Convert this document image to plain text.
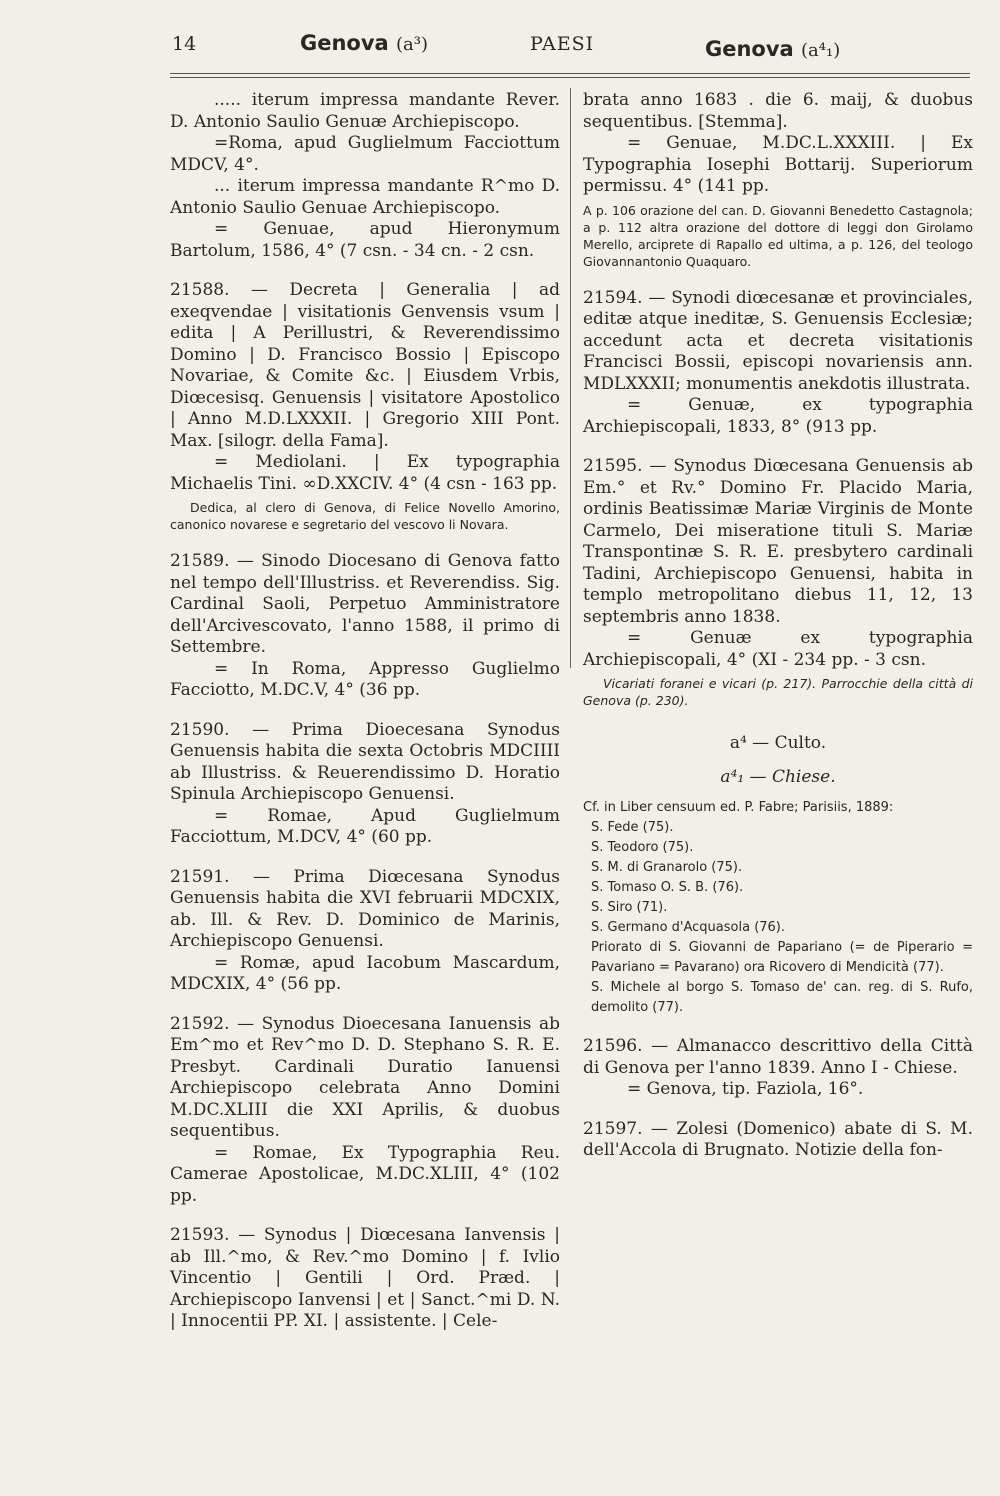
14	Genova (a³)	PAESI	Genova (a⁴₁)

..... iterum impressa mandante Rever. D. Antonio Saulio Genuæ Archiepiscopo.

=Roma, apud Guglielmum Facciottum MDCV, 4°.

... iterum impressa mandante R^mo D. Antonio Saulio Genuae Archiepiscopo.

= Genuae, apud Hieronymum Bartolum, 1586, 4° (7 csn. - 34 cn. - 2 csn.

21588. — Decreta | Generalia | ad exeqvendae | visitationis Genvensis vsum | edita | A Perillustri, & Reverendissimo Domino | D. Francisco Bossio | Episcopo Novariae, & Comite &c. | Eiusdem Vrbis, Diœcesisq. Genuensis | visitatore Apostolico | Anno M.D.LXXXII. | Gregorio XIII Pont. Max. [silogr. della Fama].

= Mediolani. | Ex typographia Michaelis Tini. ∞D.XXCIV. 4° (4 csn - 163 pp.

Dedica, al clero di Genova, di Felice Novello Amorino, canonico novarese e segretario del vescovo li Novara.

21589. — Sinodo Diocesano di Genova fatto nel tempo dell'Illustriss. et Reverendiss. Sig. Cardinal Saoli, Perpetuo Amministratore dell'Arcivescovato, l'anno 1588, il primo di Settembre.

= In Roma, Appresso Guglielmo Facciotto, M.DC.V, 4° (36 pp.

21590. — Prima Dioecesana Synodus Genuensis habita die sexta Octobris MDCIIII ab Illustriss. & Reuerendissimo D. Horatio Spinula Archiepiscopo Genuensi.

= Romae, Apud Guglielmum Facciottum, M.DCV, 4° (60 pp.

21591. — Prima Diœcesana Synodus Genuensis habita die XVI februarii MDCXIX, ab. Ill. & Rev. D. Dominico de Marinis, Archiepiscopo Genuensi.

= Romæ, apud Iacobum Mascardum, MDCXIX, 4° (56 pp.

21592. — Synodus Dioecesana Ianuensis ab Em^mo et Rev^mo D. D. Stephano S. R. E. Presbyt. Cardinali Duratio Ianuensi Archiepiscopo celebrata Anno Domini M.DC.XLIII die XXI Aprilis, & duobus sequentibus.

= Romae, Ex Typographia Reu. Camerae Apostolicae, M.DC.XLIII, 4° (102 pp.

21593. — Synodus | Diœcesana Ianvensis | ab Ill.^mo, & Rev.^mo Domino | f. Ivlio Vincentio | Gentili | Ord. Præd. | Archiepiscopo Ianvensi | et | Sanct.^mi D. N. | Innocentii PP. XI. | assistente. | Cele-

brata anno 1683 . die 6. maij, & duobus sequentibus. [Stemma].

= Genuae, M.DC.L.XXXIII. | Ex Typographia Iosephi Bottarij. Superiorum permissu. 4° (141 pp.

A p. 106 orazione del can. D. Giovanni Benedetto Castagnola; a p. 112 altra orazione del dottore di leggi don Girolamo Merello, arciprete di Rapallo ed ultima, a p. 126, del teologo Giovannantonio Quaquaro.

21594. — Synodi diœcesanæ et provinciales, editæ atque ineditæ, S. Genuensis Ecclesiæ; accedunt acta et decreta visitationis Francisci Bossii, episcopi novariensis ann. MDLXXXII; monumentis anekdotis illustrata.

= Genuæ, ex typographia Archiepiscopali, 1833, 8° (913 pp.

21595. — Synodus Diœcesana Genuensis ab Em.° et Rv.° Domino Fr. Placido Maria, ordinis Beatissimæ Mariæ Virginis de Monte Carmelo, Dei miseratione tituli S. Mariæ Transpontinæ S. R. E. presbytero cardinali Tadini, Archiepiscopo Genuensi, habita in templo metropolitano diebus 11, 12, 13 septembris anno 1838.

= Genuæ ex typographia Archiepiscopali, 4° (XI - 234 pp. - 3 csn.

Vicariati foranei e vicari (p. 217). Parrocchie della città di Genova (p. 230).

a⁴ — Culto.

a⁴₁ — Chiese.

Cf. in Liber censuum ed. P. Fabre; Parisiis, 1889:

S. Fede (75).

S. Teodoro (75).

S. M. di Granarolo (75).

S. Tomaso O. S. B. (76).

S. Siro (71).

S. Germano d'Acquasola (76).

Priorato di S. Giovanni de Papariano (= de Piperario = Pavariano = Pavarano) ora Ricovero di Mendicità (77).

S. Michele al borgo S. Tomaso de' can. reg. di S. Rufo, demolito (77).

21596. — Almanacco descrittivo della Città di Genova per l'anno 1839. Anno I - Chiese.

= Genova, tip. Faziola, 16°.

21597. — Zolesi (Domenico) abate di S. M. dell'Accola di Brugnato. Notizie della fon-
